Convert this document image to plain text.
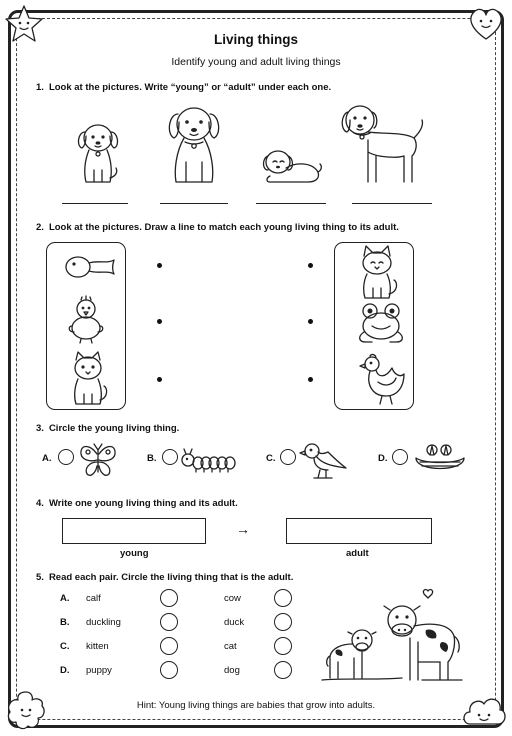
Living things
Identify young and adult living things
1. Look at the pictures. Write “young” or “adult” under each one.
2. Look at the pictures. Draw a line to match each young living thing to its adult.
3. Circle the young living thing.
A.	B.	C.	D.
4. Write one young living thing and its adult.
→
young	adult
5. Read each pair. Circle the living thing that is the adult.
A. calf	cow
B. duckling	duck
C. kitten	cat
D. puppy	dog
Hint: Young living things are babies that grow into adults.
